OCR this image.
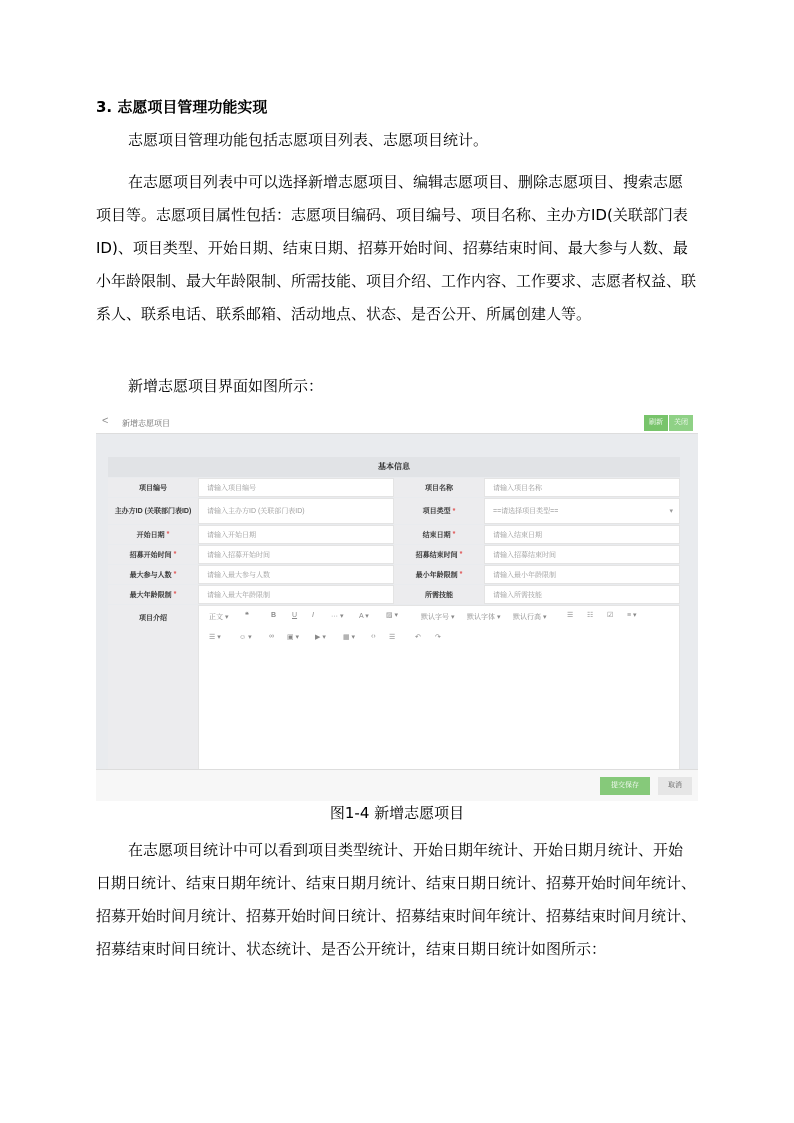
3. 志愿项目管理功能实现

志愿项目管理功能包括志愿项目列表、志愿项目统计。

在志愿项目列表中可以选择新增志愿项目、编辑志愿项目、删除志愿项目、搜索志愿项目等。志愿项目属性包括：志愿项目编码、项目编号、项目名称、主办方ID(关联部门表ID)、项目类型、开始日期、结束日期、招募开始时间、招募结束时间、最大参与人数、最小年龄限制、最大年龄限制、所需技能、项目介绍、工作内容、工作要求、志愿者权益、联系人、联系电话、联系邮箱、活动地点、状态、是否公开、所属创建人等。

新增志愿项目界面如图所示：

< 新增志愿项目	刷新	关闭
基本信息
项目编号	请输入项目编号	项目名称	请输入项目名称
主办方ID (关联部门表ID)	请输入主办方ID (关联部门表ID)	项目类型 *	==请选择项目类型==	▾
开始日期 *	请输入开始日期	结束日期 *	请输入结束日期
招募开始时间 *	请输入招募开始时间	招募结束时间 *	请输入招募结束时间
最大参与人数 *	请输入最大参与人数	最小年龄限制 *	请输入最小年龄限制
最大年龄限制 *	请输入最大年龄限制	所需技能	请输入所需技能
项目介绍	正文 ▾ ❝	B U I ··· ▾ A ▾ ▨ ▾	默认字号 ▾ 默认字体 ▾ 默认行高 ▾	☰ ☷ ☑ ≡ ▾
☰ ▾	☺ ▾ ∞ ▣ ▾ ▶ ▾ ▦ ▾ ‹› ☰	↶ ↷
提交保存	取消
图1-4 新增志愿项目

在志愿项目统计中可以看到项目类型统计、开始日期年统计、开始日期月统计、开始日期日统计、结束日期年统计、结束日期月统计、结束日期日统计、招募开始时间年统计、招募开始时间月统计、招募开始时间日统计、招募结束时间年统计、招募结束时间月统计、招募结束时间日统计、状态统计、是否公开统计，结束日期日统计如图所示：
